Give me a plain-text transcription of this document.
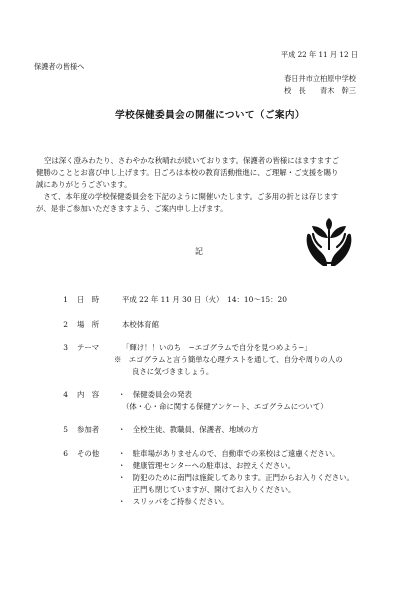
平成 22 年 11 月 12 日
保護者の皆様へ
春日井市立柏原中学校
校　長　　青木　幹三
学校保健委員会の開催について（ご案内）
空は深く澄みわたり、さわやかな秋晴れが続いております。保護者の皆様にはますますご
健勝のこととお喜び申し上げます。日ごろは本校の教育活動推進に、ご理解・ご支援を賜り
誠にありがとうございます。
　さて、本年度の学校保健委員会を下記のように開催いたします。ご多用の折とは存じます
が、是非ご参加いただきますよう、ご案内申し上げます。
記
1 日　時	平成 22 年 11 月 30 日（火）　14：10〜15：20
2 場　所	本校体育館
3 テーマ	「輝け！！いのち　−エゴグラムで自分を見つめよう−」
※　エゴグラムと言う簡単な心理テストを通して、自分や周りの人の
良さに気づきましょう。
4 内　容	・　保健委員会の発表
（体・心・命に関する保健アンケート、エゴグラムについて）
5 参加者	・　全校生徒、教職員、保護者、地域の方
6 その他	・　駐車場がありませんので、自動車での来校はご遠慮ください。
・　健康管理センターへの駐車は、お控えください。
・　防犯のために南門は施錠してあります。正門からお入りください。
　　正門も閉じていますが、開けてお入りください。
・　スリッパをご持参ください。
